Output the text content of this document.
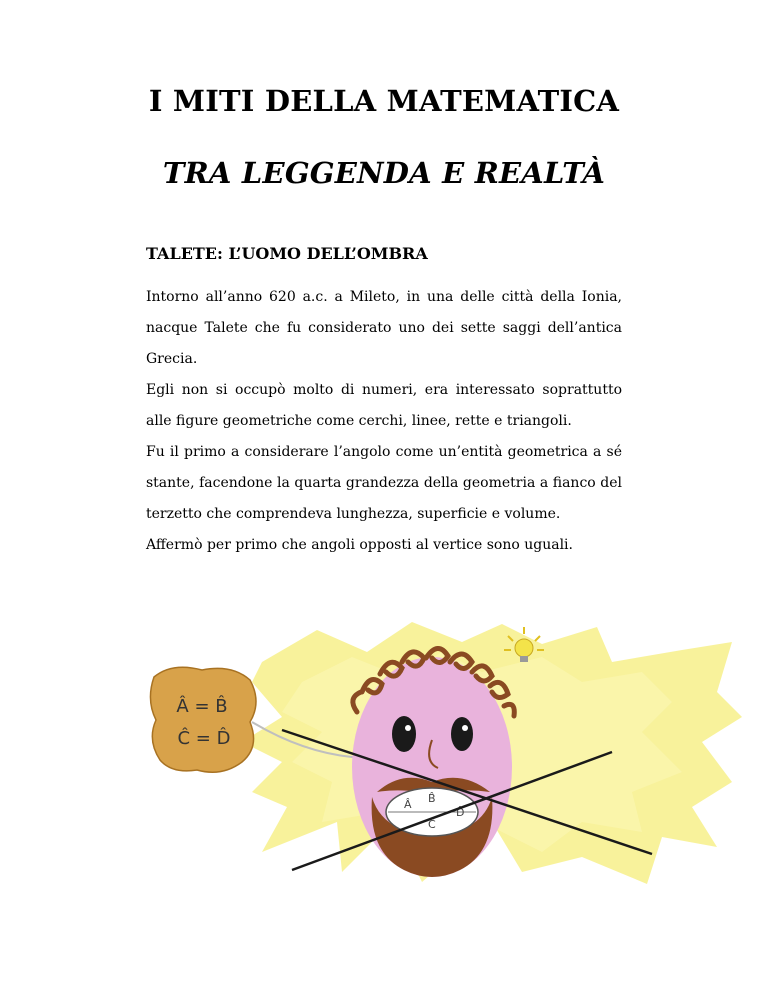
I MITI DELLA MATEMATICA
TRA LEGGENDA E REALTÀ
TALETE: L’UOMO DELL’OMBRA

Intorno all’anno 620 a.c. a Mileto, in una delle città della Ionia, nacque Talete che fu considerato uno dei sette saggi dell’antica Grecia.

Egli non si occupò molto di numeri, era interessato soprattutto alle figure geometriche come cerchi, linee, rette e triangoli.

Fu il primo a considerare l’angolo come un’entità geometrica a sé stante, facendone la quarta grandezza della geometria a fianco del terzetto che comprendeva lunghezza, superficie e volume.

Affermò per primo che angoli opposti al vertice sono uguali.

Â = B̂
Ĉ = D̂
Â B̂
Ĉ
D̂
